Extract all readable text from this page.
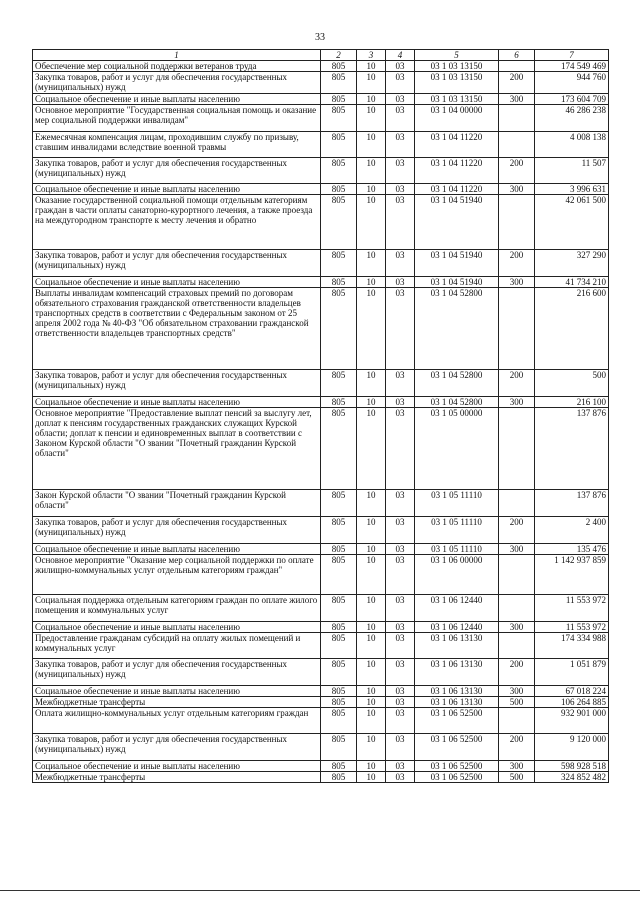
33
1	2	3	4	5	6	7
Обеспечение мер социальной поддержки ветеранов труда	805	10	03	03 1 03 13150		174 549 469
Закупка товаров, работ и услуг для обеспечения государственных (муниципальных) нужд	805	10	03	03 1 03 13150	200	944 760
Социальное обеспечение и иные выплаты населению	805	10	03	03 1 03 13150	300	173 604 709
Основное мероприятие "Государственная социальная помощь и оказание мер социальной поддержки инвалидам"	805	10	03	03 1 04 00000		46 286 238
Ежемесячная компенсация лицам, проходившим службу по призыву, ставшим инвалидами вследствие военной травмы	805	10	03	03 1 04 11220		4 008 138
Закупка товаров, работ и услуг для обеспечения государственных (муниципальных) нужд	805	10	03	03 1 04 11220	200	11 507
Социальное обеспечение и иные выплаты населению	805	10	03	03 1 04 11220	300	3 996 631
Оказание государственной социальной помощи отдельным категориям граждан в части оплаты санаторно-курортного лечения, а также проезда на междугородном транспорте к месту лечения и обратно	805	10	03	03 1 04 51940		42 061 500
Закупка товаров, работ и услуг для обеспечения государственных (муниципальных) нужд	805	10	03	03 1 04 51940	200	327 290
Социальное обеспечение и иные выплаты населению	805	10	03	03 1 04 51940	300	41 734 210
Выплаты инвалидам компенсаций страховых премий по договорам обязательного страхования гражданской ответственности владельцев транспортных средств в соответствии с Федеральным законом от 25 апреля 2002 года № 40-ФЗ "Об обязательном страховании гражданской ответственности владельцев транспортных средств"	805	10	03	03 1 04 52800		216 600
Закупка товаров, работ и услуг для обеспечения государственных (муниципальных) нужд	805	10	03	03 1 04 52800	200	500
Социальное обеспечение и иные выплаты населению	805	10	03	03 1 04 52800	300	216 100
Основное мероприятие "Предоставление выплат пенсий за выслугу лет, доплат к пенсиям государственных гражданских служащих Курской области; доплат к пенсии и единовременных выплат в соответствии с Законом Курской области "О звании "Почетный гражданин Курской области"	805	10	03	03 1 05 00000		137 876
Закон Курской области "О звании "Почетный гражданин Курской области"	805	10	03	03 1 05 11110		137 876
Закупка товаров, работ и услуг для обеспечения государственных (муниципальных) нужд	805	10	03	03 1 05 11110	200	2 400
Социальное обеспечение и иные выплаты населению	805	10	03	03 1 05 11110	300	135 476
Основное мероприятие "Оказание мер социальной поддержки по оплате жилищно-коммунальных услуг отдельным категориям граждан"	805	10	03	03 1 06 00000		1 142 937 859
Социальная поддержка отдельным категориям граждан по оплате жилого помещения и коммунальных услуг	805	10	03	03 1 06 12440		11 553 972
Социальное обеспечение и иные выплаты населению	805	10	03	03 1 06 12440	300	11 553 972
Предоставление гражданам субсидий на оплату жилых помещений и коммунальных услуг	805	10	03	03 1 06 13130		174 334 988
Закупка товаров, работ и услуг для обеспечения государственных (муниципальных) нужд	805	10	03	03 1 06 13130	200	1 051 879
Социальное обеспечение и иные выплаты населению	805	10	03	03 1 06 13130	300	67 018 224
Межбюджетные трансферты	805	10	03	03 1 06 13130	500	106 264 885
Оплата жилищно-коммунальных услуг отдельным категориям граждан	805	10	03	03 1 06 52500		932 901 000
Закупка товаров, работ и услуг для обеспечения государственных (муниципальных) нужд	805	10	03	03 1 06 52500	200	9 120 000
Социальное обеспечение и иные выплаты населению	805	10	03	03 1 06 52500	300	598 928 518
Межбюджетные трансферты	805	10	03	03 1 06 52500	500	324 852 482
